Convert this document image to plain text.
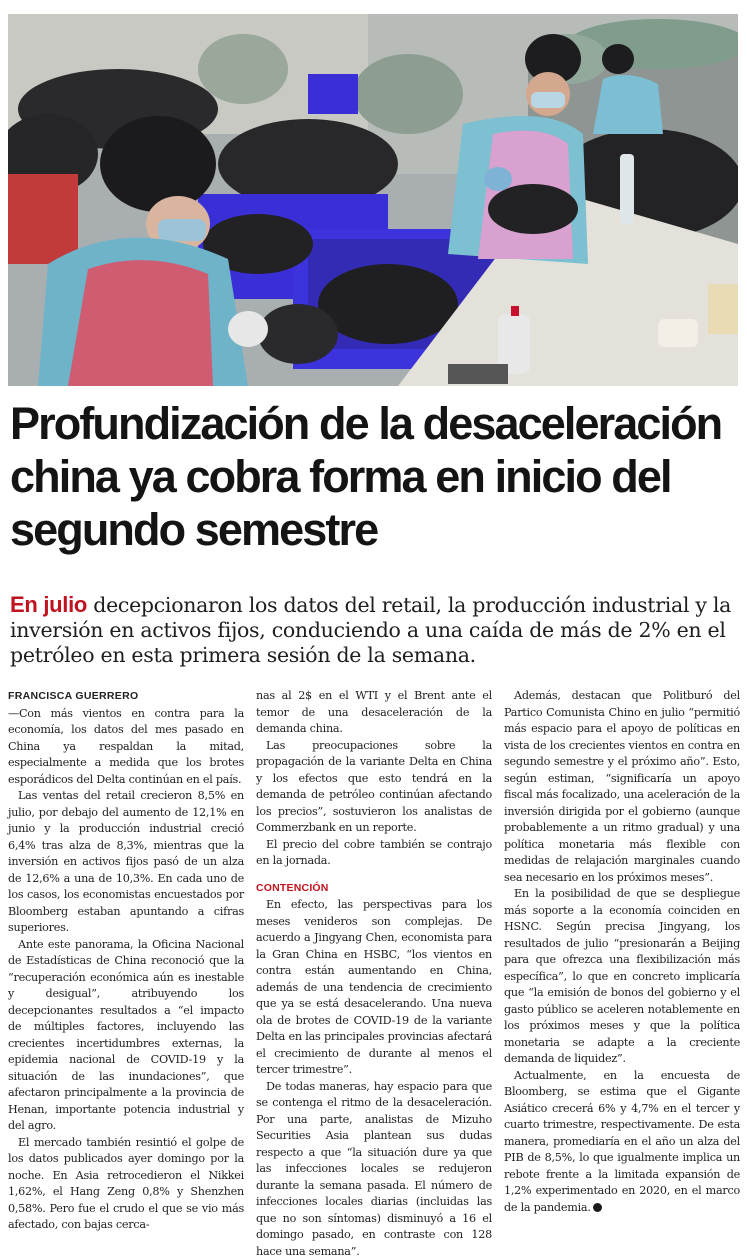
Profundización de la desaceleración china ya cobra forma en inicio del segundo semestre

En julio decepcionaron los datos del retail, la producción industrial y la inversión en activos fijos, conduciendo a una caída de más de 2% en el petróleo en esta primera sesión de la semana.

FRANCISCA GUERRERO

—Con más vientos en contra para la economía, los datos del mes pasado en China ya respaldan la mitad, especialmente a medida que los brotes esporádicos del Delta continúan en el país.

Las ventas del retail crecieron 8,5% en julio, por debajo del aumento de 12,1% en junio y la producción industrial creció 6,4% tras alza de 8,3%, mientras que la inversión en activos fijos pasó de un alza de 12,6% a una de 10,3%. En cada uno de los casos, los economistas encuestados por Bloomberg estaban apuntando a cifras superiores.

Ante este panorama, la Oficina Nacional de Estadísticas de China reconoció que la “recuperación económica aún es inestable y desigual”, atribuyendo los decepcionantes resultados a “el impacto de múltiples factores, incluyendo las crecientes incertidumbres externas, la epidemia nacional de COVID-19 y la situación de las inundaciones”, que afectaron principalmente a la provincia de Henan, importante potencia industrial y del agro.

El mercado también resintió el golpe de los datos publicados ayer domingo por la noche. En Asia retrocedieron el Nikkei 1,62%, el Hang Zeng 0,8% y Shenzhen 0,58%. Pero fue el crudo el que se vio más afectado, con bajas cerca-

nas al 2$ en el WTI y el Brent ante el temor de una desaceleración de la demanda china.

Las preocupaciones sobre la propagación de la variante Delta en China y los efectos que esto tendrá en la demanda de petróleo continúan afectando los precios”, sostuvieron los analistas de Commerzbank en un reporte.

El precio del cobre también se contrajo en la jornada.

CONTENCIÓN

En efecto, las perspectivas para los meses venideros son complejas. De acuerdo a Jingyang Chen, economista para la Gran China en HSBC, “los vientos en contra están aumentando en China, además de una tendencia de crecimiento que ya se está desacelerando. Una nueva ola de brotes de COVID-19 de la variante Delta en las principales provincias afectará el crecimiento de durante al menos el tercer trimestre”.

De todas maneras, hay espacio para que se contenga el ritmo de la desaceleración. Por una parte, analistas de Mizuho Securities Asia plantean sus dudas respecto a que “la situación dure ya que las infecciones locales se redujeron durante la semana pasada. El número de infecciones locales diarias (incluidas las que no son síntomas) disminuyó a 16 el domingo pasado, en contraste con 128 hace una semana”.

Además, destacan que Politburó del Partico Comunista Chino en julio “permitió más espacio para el apoyo de políticas en vista de los crecientes vientos en contra en segundo semestre y el próximo año”. Esto, según estiman, “significaría un apoyo fiscal más focalizado, una aceleración de la inversión dirigida por el gobierno (aunque probablemente a un ritmo gradual) y una política monetaria más flexible con medidas de relajación marginales cuando sea necesario en los próximos meses”.

En la posibilidad de que se despliegue más soporte a la economía coinciden en HSNC. Según precisa Jingyang, los resultados de julio “presionarán a Beijing para que ofrezca una flexibilización más específica”, lo que en concreto implicaría que “la emisión de bonos del gobierno y el gasto público se aceleren notablemente en los próximos meses y que la política monetaria se adapte a la creciente demanda de liquidez”.

Actualmente, en la encuesta de Bloomberg, se estima que el Gigante Asiático crecerá 6% y 4,7% en el tercer y cuarto trimestre, respectivamente. De esta manera, promediaría en el año un alza del PIB de 8,5%, lo que igualmente implica un rebote frente a la limitada expansión de 1,2% experimentado en 2020, en el marco de la pandemia. P
